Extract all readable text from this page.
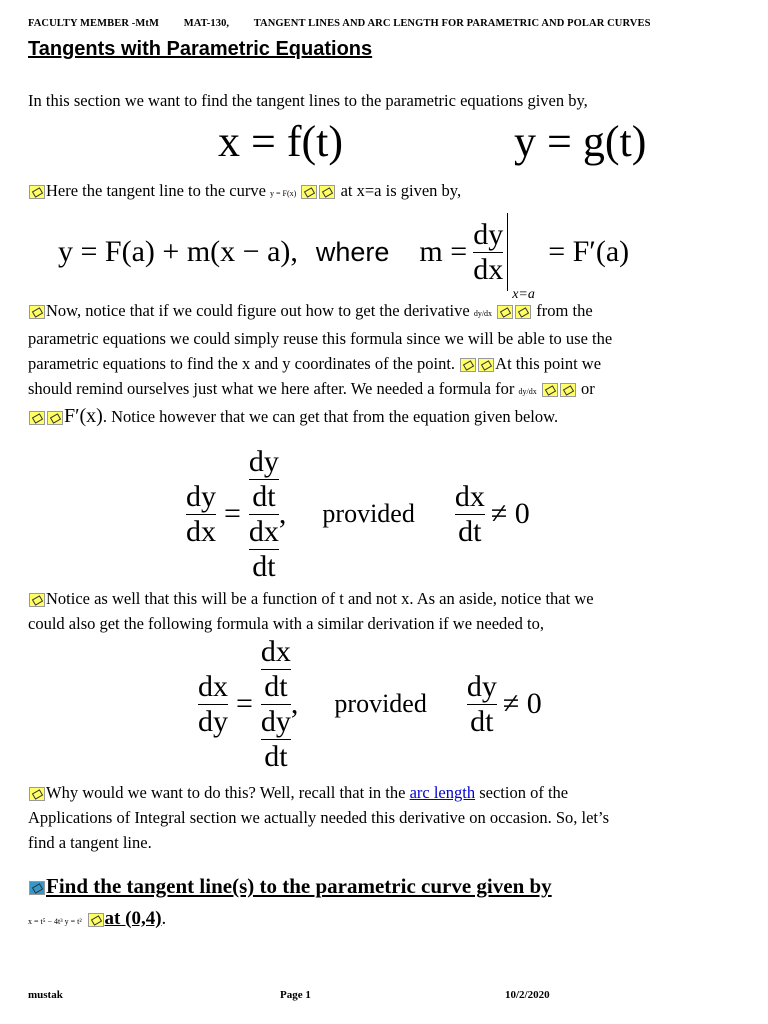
FACULTY MEMBER -MtM MAT-130, TANGENT LINES AND ARC LENGTH FOR PARAMETRIC AND POLAR CURVES
Tangents with Parametric Equations
In this section we want to find the tangent lines to the parametric equations given by,
x = f(t)	y = g(t)
Here the tangent line to the curve y = F(x)	at x=a is given by,
y = F(a) + m(x − a), where $m = \frac{dy}{dx}$
x=a
= F′(a)
Now, notice that if we could figure out how to get the derivative dy/dx	from the
parametric equations we could simply reuse this formula since we will be able to use the
parametric equations to find the x and y coordinates of the point. At this point we
should remind ourselves just what we here after. We needed a formula for dy/dx	or
F′(x). Notice however that we can get that from the equation given below.
$\frac{dy}{dx} = \frac{\frac{dy}{dt}}{\frac{dx}{dt}}$ , provided $\frac{dx}{dt} \ne 0$
Notice as well that this will be a function of t and not x. As an aside, notice that we
could also get the following formula with a similar derivation if we needed to,
$\frac{dx}{dy} = \frac{\frac{dx}{dt}}{\frac{dy}{dt}}$ , provided $\frac{dy}{dt} \ne 0$
Why would we want to do this? Well, recall that in the arc length section of the
Applications of Integral section we actually needed this derivative on occasion. So, let’s
find a tangent line.
Find the tangent line(s) to the parametric curve given by
x = t⁵ − 4t³ y = t² at (0,4).
mustak	Page 1	10/2/2020
